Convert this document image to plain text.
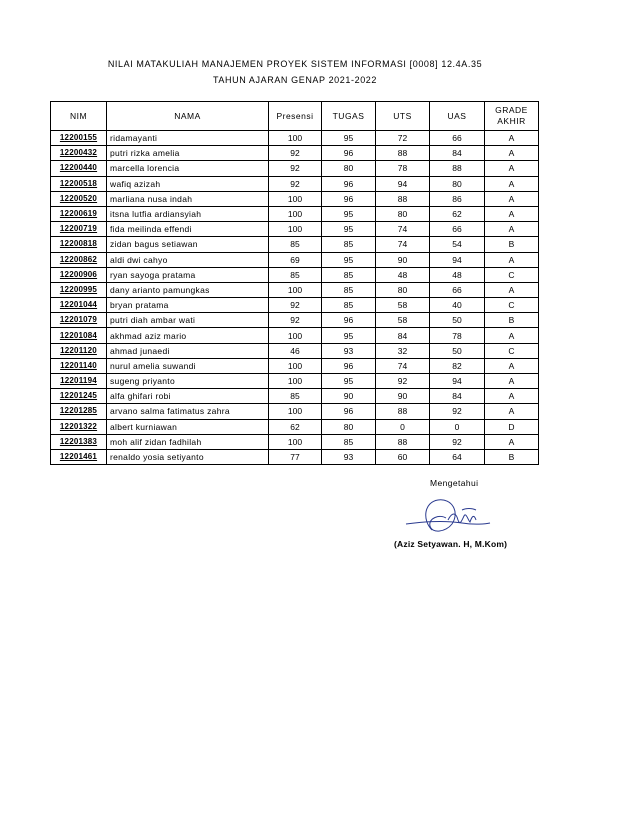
NILAI MATAKULIAH MANAJEMEN PROYEK SISTEM INFORMASI [0008] 12.4A.35
TAHUN AJARAN GENAP 2021-2022
NIM	NAMA	Presensi	TUGAS	UTS	UAS	GRADE AKHIR
12200155	ridamayanti	100	95	72	66	A
12200432	putri rizka amelia	92	96	88	84	A
12200440	marcella lorencia	92	80	78	88	A
12200518	wafiq azizah	92	96	94	80	A
12200520	marliana nusa indah	100	96	88	86	A
12200619	itsna lutfia ardiansyiah	100	95	80	62	A
12200719	fida meilinda effendi	100	95	74	66	A
12200818	zidan bagus setiawan	85	85	74	54	B
12200862	aldi dwi cahyo	69	95	90	94	A
12200906	ryan sayoga pratama	85	85	48	48	C
12200995	dany arianto pamungkas	100	85	80	66	A
12201044	bryan pratama	92	85	58	40	C
12201079	putri diah ambar wati	92	96	58	50	B
12201084	akhmad aziz mario	100	95	84	78	A
12201120	ahmad junaedi	46	93	32	50	C
12201140	nurul amelia suwandi	100	96	74	82	A
12201194	sugeng priyanto	100	95	92	94	A
12201245	alfa ghifari robi	85	90	90	84	A
12201285	arvano salma fatimatus zahra	100	96	88	92	A
12201322	albert kurniawan	62	80	0	0	D
12201383	moh alif zidan fadhilah	100	85	88	92	A
12201461	renaldo yosia setiyanto	77	93	60	64	B
Mengetahui
(Aziz Setyawan. H, M.Kom)
